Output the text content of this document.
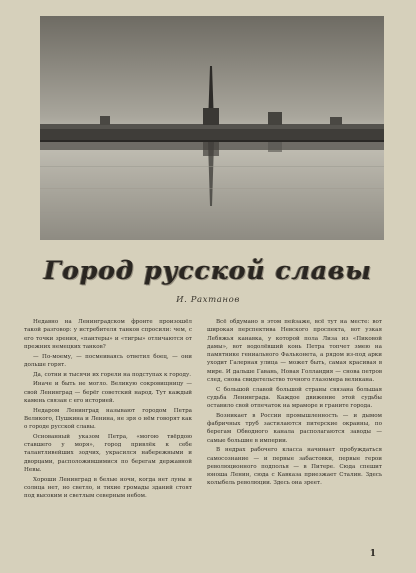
Город русской славы
И. Рахтанов

Недавно на Ленинградском фронте произошёл такой разговор: у истребителя танков спросили: чем, с его точки зрения, «пантеры» и «тигры» отличаются от прежних немецких танков?

— По-моему, — посмеиваясь ответил боец, — они дольше горят.

Да, сотни и тысячи их горели на подступах к городу.

Иначе и быть не могло. Великую сокровищницу — свой Ленинград — берёг советский народ. Тут каждый камень связан с его историей.

Недаром Ленинград называют городом Петра Великого, Пушкина и Ленина, не зря о нём говорят как о городе русской славы.

Основанный указом Петра, «могою твёрдою ставшего у моря», город привлёк к себе талантливейших зодчих, украсился набережными и дворцами, расположившимися по берегам державной Невы.

Хороши Ленинград в белые ночи, когда нет луны и солнца нет, но светло, и тихие громады зданий стоят под высоким и светлым северным небом.

Всё обдумано в этом пейзаже, всё тут на месте: вот широкая перспектива Невского проспекта, вот узкая Лебяжья канавка, у которой пола Лиза из «Пиковой дамы», вот водолёвший конь Петра топчет змею на памятнике гениального Фальконета, а рядом из-под арки уходит Галерная улица — может быть, самая красивая в мире. И дальше Гавань, Новая Голландия — снова петров след, снова свидетельство точного глазомера великана.

С большой славой большой страны связана большая судьба Ленинграда. Каждое движение этой судьбы оставило свой отпечаток на мраморе и граните города.

Возникает в России промышленность — и дымом фабричных труб застилаются питерские окраины, по берегам Обводного канала располагаются заводы — самые большие в империи.

В недрах рабочего класса начинает пробуждаться самосознание — и первые забастовки, первые герои революционного подполья — в Питере. Сюда спешит юноша Ленин, сюда с Кавказа приезжает Сталин. Здесь колыбель революции. Здесь она зреет.

1
